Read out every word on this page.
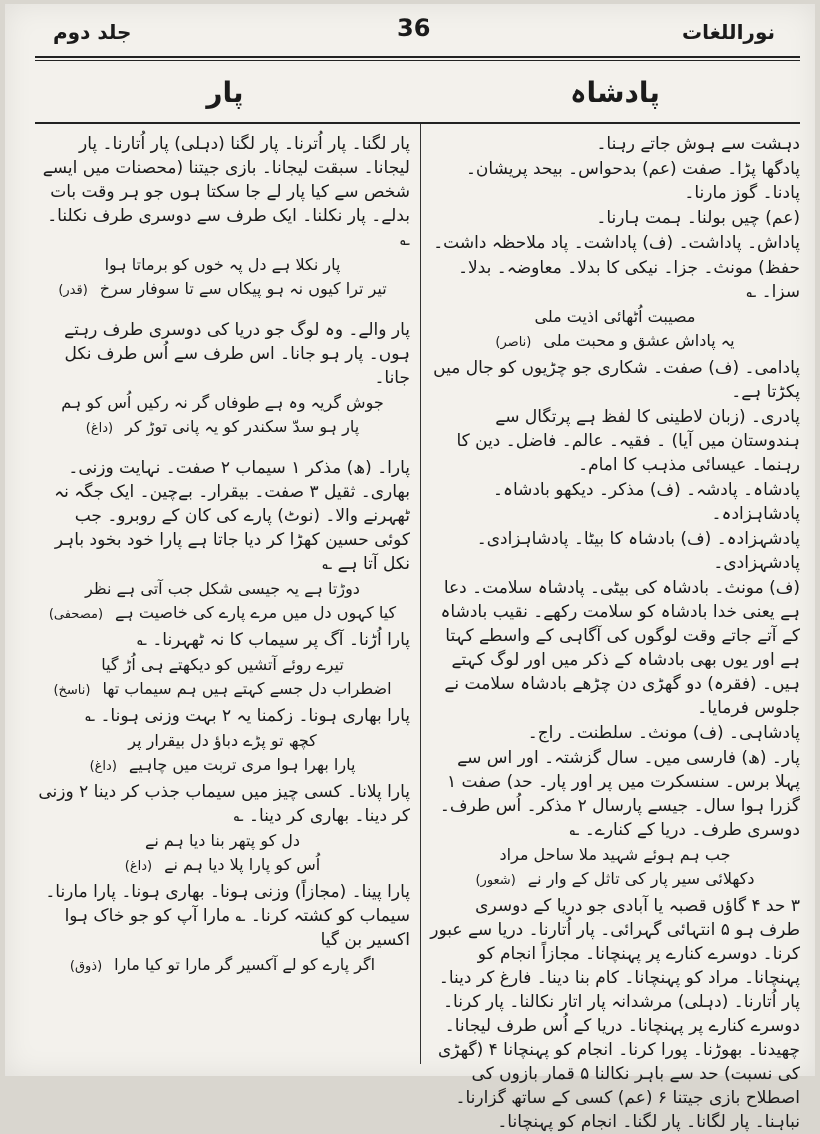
جلد دوم	36	نوراللغات
پادشاہ
پار

دہشت سے ہوش جاتے رہنا۔

پادگھا پڑا۔ صفت (عم) بدحواس۔ بیحد پریشان۔ پادنا۔ گوز مارنا۔

(عم) چیں بولنا۔ ہمت ہارنا۔

پاداش۔ پاداشت۔ (ف) پاداشت۔ پاد ملاحظہ داشت۔

حفظ) مونث۔ جزا۔ نیکی کا بدلا۔ معاوضہ۔ بدلا۔ سزا۔ ؎

مصیبت اُٹھائی اذیت ملی
یہ پاداش عشق و محبت ملی(ناصر)

پادامی۔ (ف) صفت۔ شکاری جو چڑیوں کو جال میں پکڑتا ہے۔

پادری۔ (زبان لاطینی کا لفظ ہے پرتگال سے ہندوستان میں آیا) ۔ فقیہ۔ عالم۔ فاضل۔ دین کا رہنما۔ عیسائی مذہب کا امام۔

پادشاہ۔ پادشہ۔ (ف) مذکر۔ دیکھو بادشاہ۔ پادشاہزادہ۔

پادشہزادہ۔ (ف) بادشاہ کا بیٹا۔ پادشاہزادی۔ پادشہزادی۔

(ف) مونث۔ بادشاہ کی بیٹی۔ پادشاہ سلامت۔ دعا ہے یعنی خدا بادشاہ کو سلامت رکھے۔ نقیب بادشاہ کے آتے جاتے وقت لوگوں کی آگاہی کے واسطے کہتا ہے اور یوں بھی بادشاہ کے ذکر میں اور لوگ کہتے ہیں۔ (فقرہ) دو گھڑی دن چڑھے بادشاہ سلامت نے جلوس فرمایا۔

پادشاہی۔ (ف) مونث۔ سلطنت۔ راج۔

پار۔ (ھ) فارسی میں۔ سال گزشتہ۔ اور اس سے پہلا برس۔ سنسکرت میں پر اور پار۔ حد) صفت ۱ گزرا ہوا سال۔ جیسے پارسال ۲ مذکر۔ اُس طرف۔ دوسری طرف۔ دریا کے کنارے۔ ؎

جب ہم ہوئے شہید ملا ساحل مراد
دکھلائی سیر پار کی تاثل کے وار نے(شعور)

۳ حد ۴ گاؤں قصبہ یا آبادی جو دریا کے دوسری طرف ہو ۵ انتہائی گہرائی۔ پار اُتارنا۔ دریا سے عبور کرنا۔ دوسرے کنارے پر پہنچانا۔ مجازاً انجام کو پہنچانا۔ مراد کو پہنچانا۔ کام بنا دینا۔ فارغ کر دینا۔ پار اُتارنا۔ (دہلی) مرشدانہ پار اتار نکالنا۔ پار کرنا۔ دوسرے کنارے پر پہنچانا۔ دریا کے اُس طرف لیجانا۔ چھیدنا۔ بھوڑنا۔ پورا کرنا۔ انجام کو پہنچانا ۴ (گھڑی کی نسبت) حد سے باہر نکالنا ۵ قمار بازوں کی اصطلاح بازی جیتنا ۶ (عم) کسی کے ساتھ گزارنا۔ نباہنا۔ پار لگانا۔ پار لگنا۔ انجام کو پہنچانا۔

پار لگنا۔ پار اُترنا۔ پار لگنا (دہلی) پار اُتارنا۔ پار لیجانا۔ سبقت لیجانا۔ بازی جیتنا (محصنات میں ایسے شخص سے کیا پار لے جا سکتا ہوں جو ہر وقت بات بدلے۔ پار نکلنا۔ ایک طرف سے دوسری طرف نکلنا۔ ؎

پار نکلا ہے دل پہ خوں کو برماتا ہوا
تیر ترا کیوں نہ ہو پیکاں سے تا سوفار سرخ(قدر)

پار والے۔ وہ لوگ جو دریا کی دوسری طرف رہتے ہوں۔ پار ہو جانا۔ اس طرف سے اُس طرف نکل جانا۔

جوش گریہ وہ ہے طوفاں گر نہ رکیں اُس کو ہم
پار ہو سدّ سکندر کو یہ پانی توڑ کر(داغ)

پارا۔ (ھ) مذکر ۱ سیماب ۲ صفت۔ نہایت وزنی۔ بھاری۔ ثقیل ۳ صفت۔ بیقرار۔ بےچین۔ ایک جگہ نہ ٹھہرنے والا۔ (نوٹ) پارے کی کان کے روبرو۔ جب کوئی حسین کھڑا کر دیا جاتا ہے پارا خود بخود باہر نکل آتا ہے ؎

دوڑتا ہے یہ جیسی شکل جب آتی ہے نظر
کیا کہوں دل میں مرے پارے کی خاصیت ہے(مصحفی)

پارا اُڑنا۔ آگ پر سیماب کا نہ ٹھہرنا۔ ؎

تیرے روئے آتشیں کو دیکھتے ہی اُڑ گیا
اضطراب دل جسے کہتے ہیں ہم سیماب تھا(ناسخ)

پارا بھاری ہونا۔ زکمنا یہ ۲ بہت وزنی ہونا۔ ؎

کچھ تو پڑے دباؤ دل بیقرار پر
پارا بھرا ہوا مری تربت میں چاہیے(داغ)

پارا پلانا۔ کسی چیز میں سیماب جذب کر دینا ۲ وزنی کر دینا۔ بھاری کر دینا۔ ؎

دل کو پتھر بنا دیا ہم نے
اُس کو پارا پلا دیا ہم نے(داغ)

پارا پینا۔ (مجازاً) وزنی ہونا۔ بھاری ہونا۔ پارا مارنا۔ سیماب کو کشتہ کرنا۔ ؎ مارا آپ کو جو خاک ہوا اکسیر بن گیا

اگر پارے کو لے آکسیر گر مارا تو کیا مارا(ذوق)
